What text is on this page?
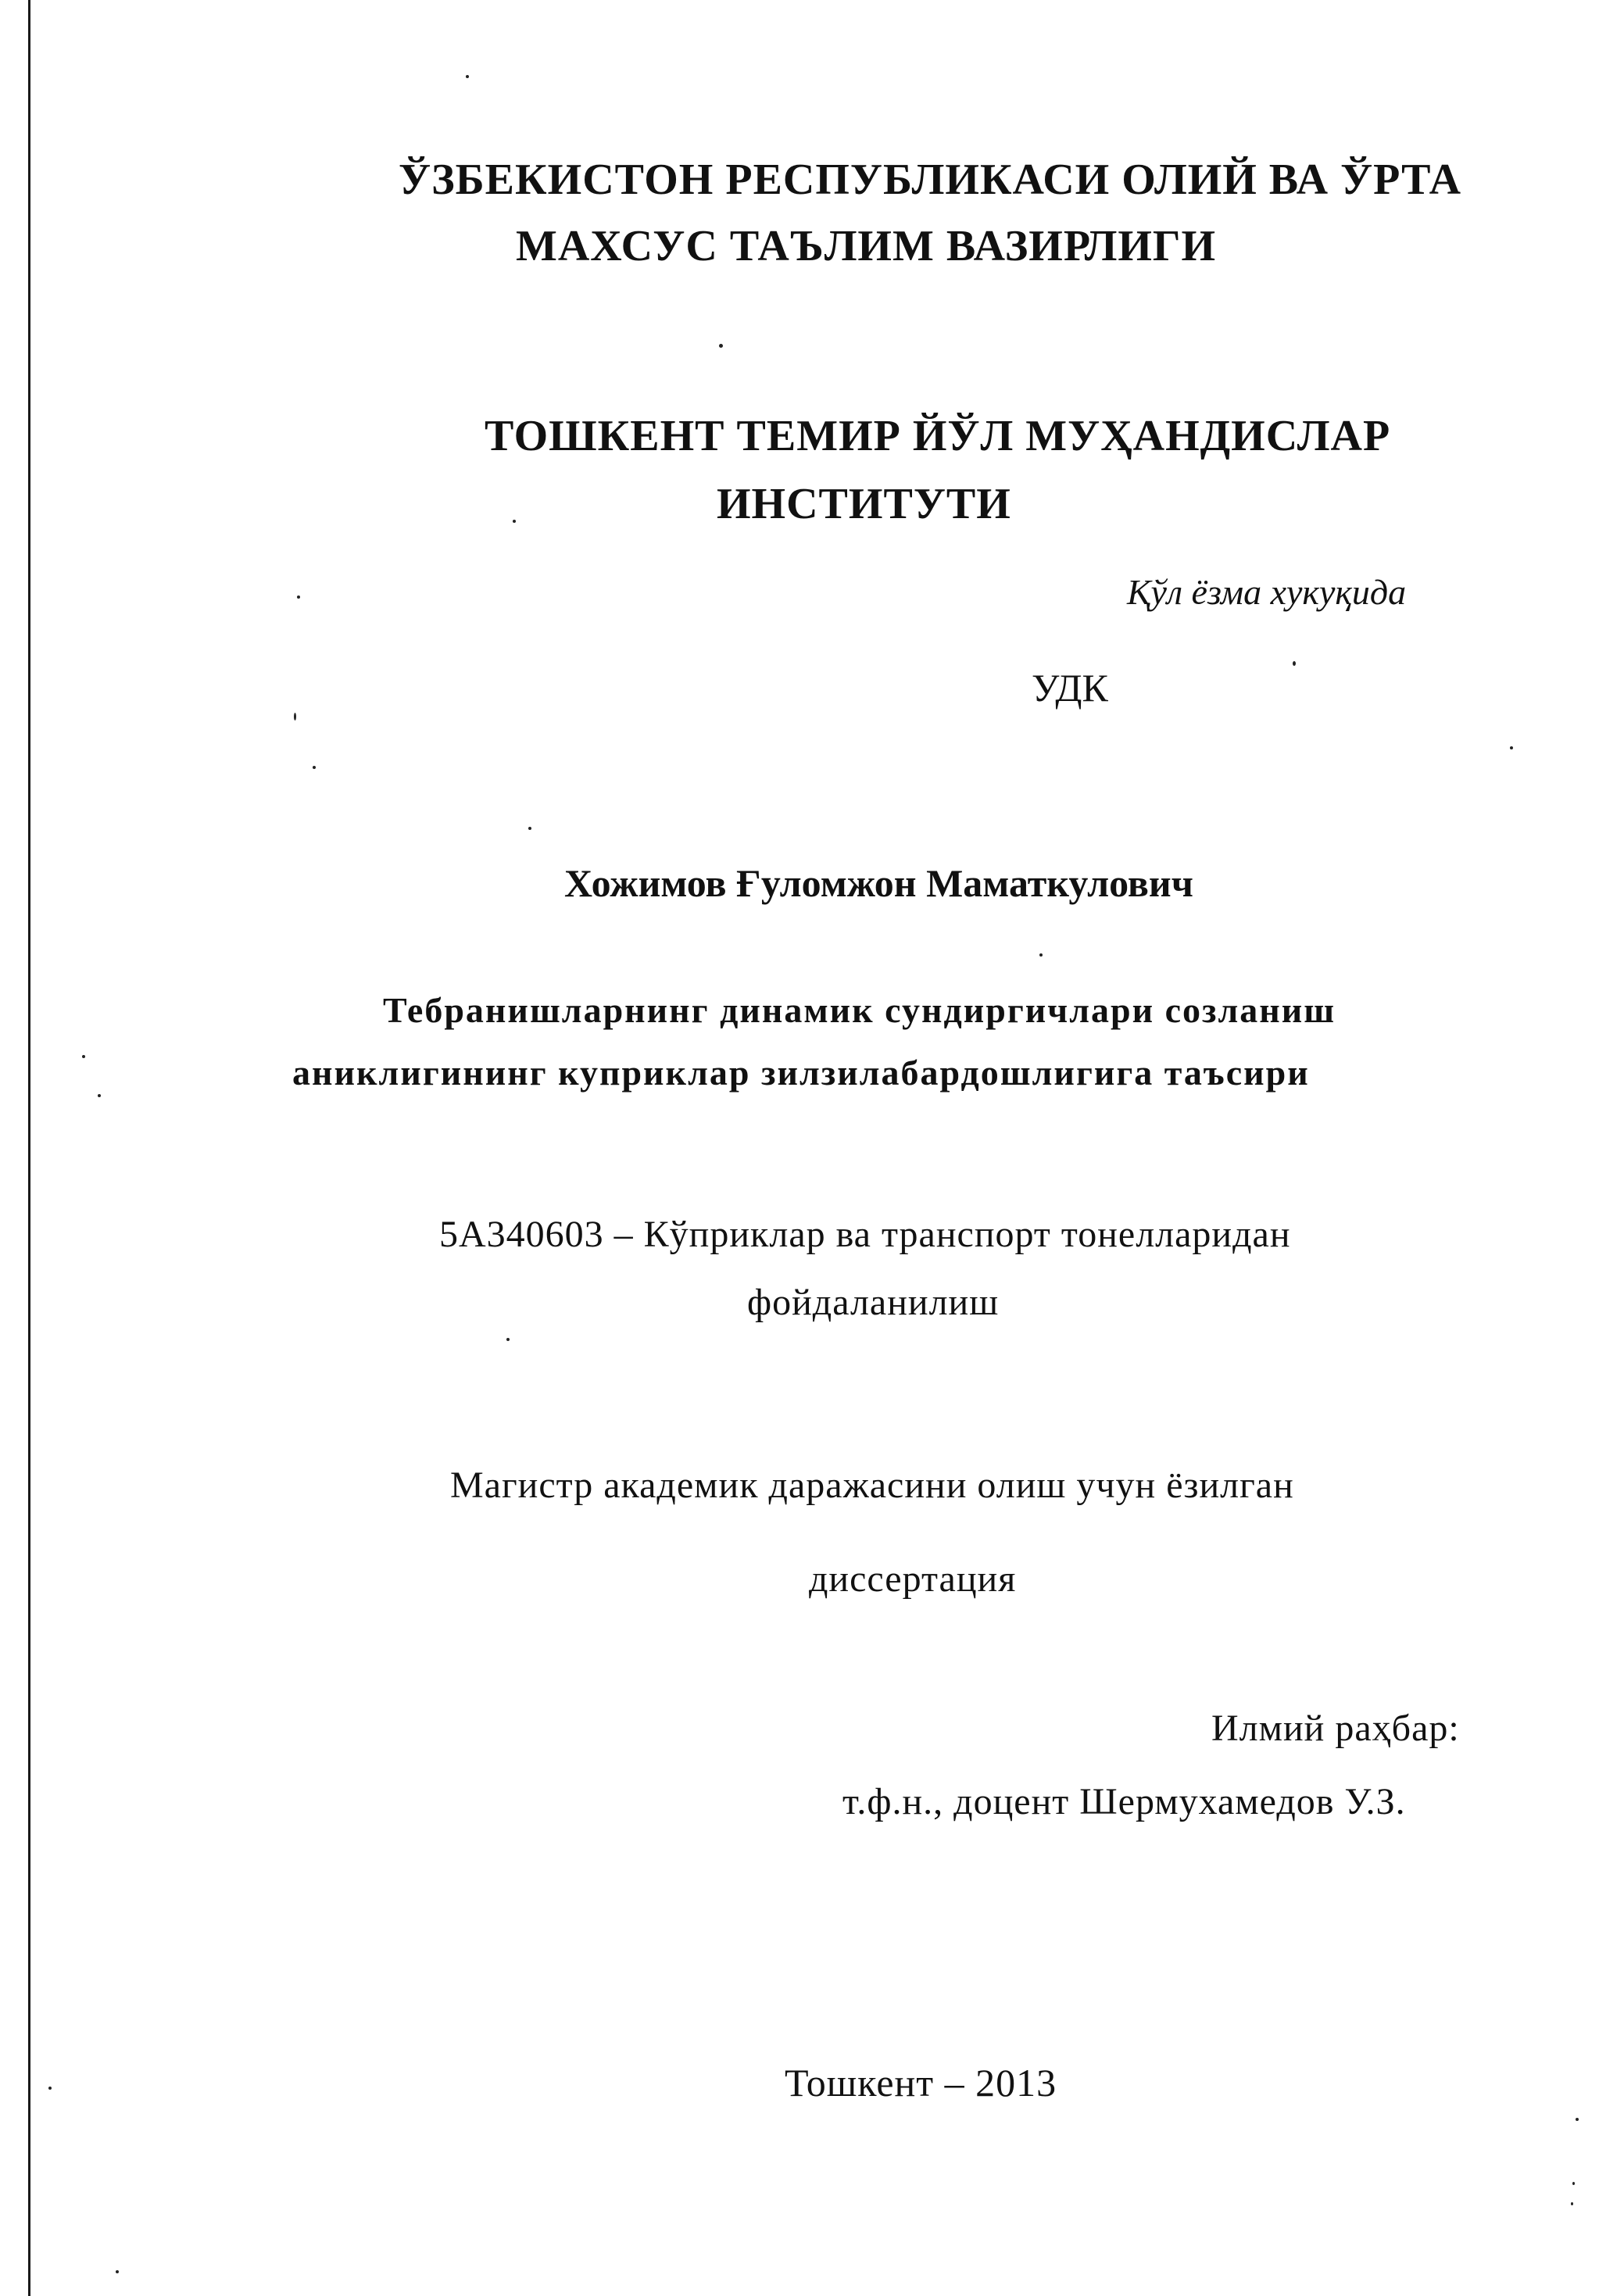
ЎЗБЕКИСТОН РЕСПУБЛИКАСИ ОЛИЙ ВА ЎРТА
МАХСУС ТАЪЛИМ ВАЗИРЛИГИ
ТОШКЕНТ ТЕМИР ЙЎЛ МУҲАНДИСЛАР
ИНСТИТУТИ
Қўл ёзма хукуқида
УДК
Хожимов Ғуломжон Маматкулович
Тебранишларнинг динамик сундиргичлари созланиш
аниклигининг куприклар зилзилабардошлигига таъсири
5А340603 – Кўприклар ва транспорт тонелларидан
фойдаланилиш
Магистр академик даражасини олиш учун ёзилган
диссертация
Илмий раҳбар:
т.ф.н., доцент Шермухамедов У.З.
Тошкент – 2013
